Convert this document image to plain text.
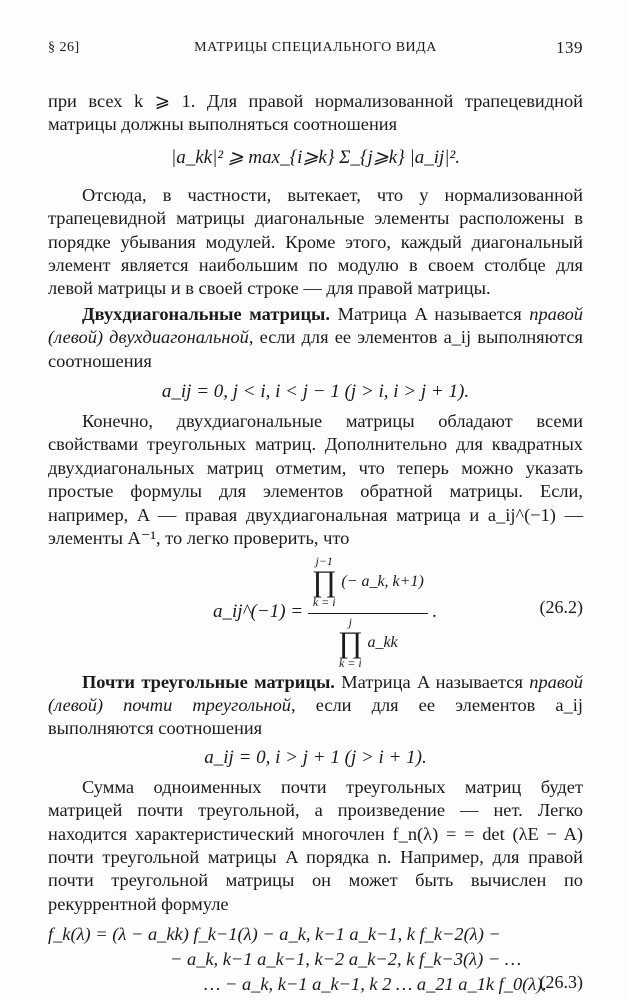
§ 26]	МАТРИЦЫ СПЕЦИАЛЬНОГО ВИДА	139

при всех k ⩾ 1. Для правой нормализованной трапецевидной матрицы должны выполняться соотношения

|a_kk|² ⩾ max_{i⩾k} Σ_{j⩾k} |a_ij|².

Отсюда, в частности, вытекает, что у нормализованной трапецевидной матрицы диагональные элементы расположены в порядке убывания модулей. Кроме этого, каждый диагональный элемент является наибольшим по модулю в своем столбце для левой матрицы и в своей строке — для правой матрицы.

Двухдиагональные матрицы. Матрица A называется правой (левой) двухдиагональной, если для ее элементов a_ij выполняются соотношения

a_ij = 0, j < i, i < j − 1 (j > i, i > j + 1).

Конечно, двухдиагональные матрицы обладают всеми свойствами треугольных матриц. Дополнительно для квадратных двухдиагональных матриц отметим, что теперь можно указать простые формулы для элементов обратной матрицы. Если, например, A — правая двухдиагональная матрица и a_ij^(−1) — элементы A⁻¹, то легко проверить, что

a_ij^(−1) =
j−1
∏
k = i
(− a_k, k+1)
j
∏
k = i
a_kk
.	(26.2)

Почти треугольные матрицы. Матрица A называется правой (левой) почти треугольной, если для ее элементов a_ij выполняются соотношения

a_ij = 0, i > j + 1 (j > i + 1).

Сумма одноименных почти треугольных матриц будет матрицей почти треугольной, а произведение — нет. Легко находится характеристический многочлен f_n(λ) = = det (λE − A) почти треугольной матрицы A порядка n. Например, для правой почти треугольной матрицы он может быть вычислен по рекуррентной формуле

f_k(λ) = (λ − a_kk) f_k−1(λ) − a_k, k−1 a_k−1, k f_k−2(λ) −
− a_k, k−1 a_k−1, k−2 a_k−2, k f_k−3(λ) − …
… − a_k, k−1 a_k−1, k 2 … a_21 a_1k f_0(λ).
(26.3)
